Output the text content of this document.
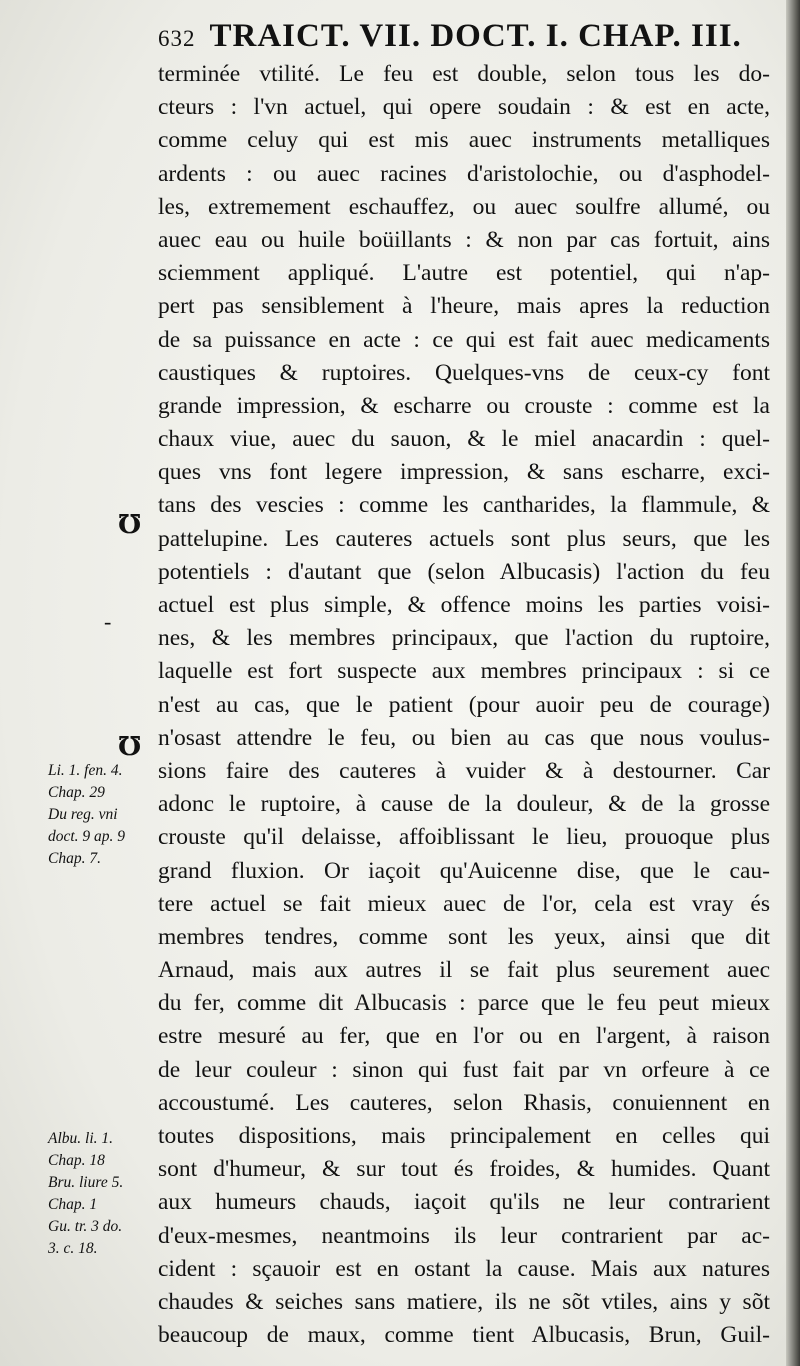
632 TRAICT. VII. DOCT. I. CHAP. III.
terminée vtilité. Le feu est double, selon tous les do-
cteurs : l'vn actuel, qui opere soudain : & est en acte,
comme celuy qui est mis auec instruments metalliques
ardents : ou auec racines d'aristolochie, ou d'asphodel-
les, extremement eschauffez, ou auec soulfre allumé, ou
auec eau ou huile boüillants : & non par cas fortuit, ains
sciemment appliqué. L'autre est potentiel, qui n'ap-
pert pas sensiblement à l'heure, mais apres la reduction
de sa puissance en acte : ce qui est fait auec medicaments
caustiques & ruptoires. Quelques-vns de ceux-cy font
grande impression, & escharre ou crouste : comme est la
chaux viue, auec du sauon, & le miel anacardin : quel-
ques vns font legere impression, & sans escharre, exci-
tans des vescies : comme les cantharides, la flammule, &
pattelupine. Les cauteres actuels sont plus seurs, que les
potentiels : d'autant que (selon Albucasis) l'action du feu
actuel est plus simple, & offence moins les parties voisi-
nes, & les membres principaux, que l'action du ruptoire,
laquelle est fort suspecte aux membres principaux : si ce
n'est au cas, que le patient (pour auoir peu de courage)
n'osast attendre le feu, ou bien au cas que nous voulus-
sions faire des cauteres à vuider & à destourner. Car
adonc le ruptoire, à cause de la douleur, & de la grosse
crouste qu'il delaisse, affoiblissant le lieu, prouoque plus
grand fluxion. Or iaçoit qu'Auicenne dise, que le cau-
tere actuel se fait mieux auec de l'or, cela est vray és
membres tendres, comme sont les yeux, ainsi que dit
Arnaud, mais aux autres il se fait plus seurement auec
du fer, comme dit Albucasis : parce que le feu peut mieux
estre mesuré au fer, que en l'or ou en l'argent, à raison
de leur couleur : sinon qui fust fait par vn orfeure à ce
accoustumé. Les cauteres, selon Rhasis, conuiennent en
toutes dispositions, mais principalement en celles qui
sont d'humeur, & sur tout és froides, & humides. Quant
aux humeurs chauds, iaçoit qu'ils ne leur contrarient
d'eux-mesmes, neantmoins ils leur contrarient par ac-
cident : sçauoir est en ostant la cause. Mais aux natures
chaudes & seiches sans matiere, ils ne sõt vtiles, ains y sõt
beaucoup de maux, comme tient Albucasis, Brun, Guil-
℧
℧
-
Li. 1. fen. 4.
Chap. 29
Du reg. vni
doct. 9 ap. 9
Chap. 7.
Albu. li. 1.
Chap. 18
Bru. liure 5.
Chap. 1
Gu. tr. 3 do.
3. c. 18.
